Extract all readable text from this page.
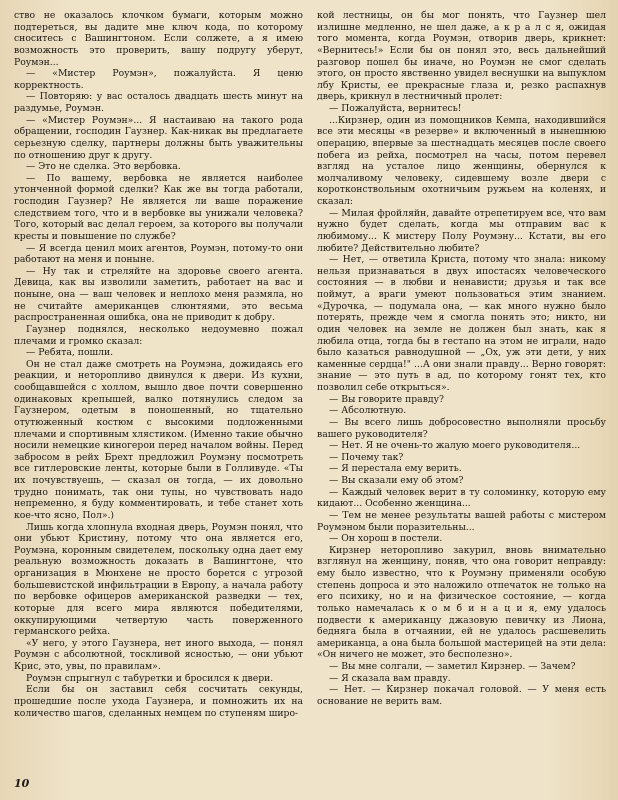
ство не оказалось клочком бумаги, которым можно подтереться, вы дадите мне ключ кода, по которому сноситесь с Вашингтоном. Если солжете, а я имею возможность это проверить, вашу подругу уберут, Роумэн...

— «Мистер Роумэн», пожалуйста. Я ценю корректность.

— Повторяю: у вас осталось двадцать шесть минут на раздумье, Роумэн.

— «Мистер Роумэн»... Я настаиваю на такого рода обращении, господин Гаузнер. Как-никак вы предлагаете серьезную сделку, партнеры должны быть уважительны по отношению друг к другу.

— Это не сделка. Это вербовка.

— По вашему, вербовка не является наиболее утонченной формой сделки? Как же вы тогда работали, господин Гаузнер? Не является ли ваше поражение следствием того, что и в вербовке вы унижали человека? Того, который вас делал героем, за которого вы получали кресты и повышение по службе?

— Я всегда ценил моих агентов, Роумэн, потому-то они работают на меня и поныне.

— Ну так и стреляйте на здоровье своего агента. Девица, как вы изволили заметить, работает на вас и поныне, она — ваш человек и неплохо меня размяла, но не считайте американцев слюнтяями, это весьма распространенная ошибка, она не приводит к добру.

Гаузнер поднялся, несколько недоумевно пожал плечами и громко сказал:

— Ребята, пошли.

Он не стал даже смотреть на Роумэна, дожидаясь его реакции, и неторопливо двинулся к двери. Из кухни, сообщавшейся с холлом, вышло двое почти совершенно одинаковых крепышей, валко потянулись следом за Гаузнером, одетым в поношенный, но тщательно отутюженный костюм с высокими подложенными плечами и спортивным хлястиком. (Именно такие обычно носили немецкие киногерои перед началом войны. Перед забросом в рейх Брехт предложил Роумэну посмотреть все гитлеровские ленты, которые были в Голливуде. «Ты их почувствуешь, — сказал он тогда, — их довольно трудно понимать, так они тупы, но чувствовать надо непременно, я буду комментировать, и тебе станет хоть кое-что ясно, Пол».)

Лишь когда хлопнула входная дверь, Роумэн понял, что они убьют Кристину, потому что она является его, Роумэна, коронным свидетелем, поскольку одна дает ему реальную возможность доказать в Вашингтоне, что организация в Мюнхене не просто борется с угрозой большевистской инфильтрации в Европу, а начала работу по вербовке офицеров американской разведки — тех, которые для всего мира являются победителями, оккупирующими четвертую часть поверженного германского рейха.

«У него, у этого Гаузнера, нет иного выхода, — понял Роумэн с абсолютной, тоскливой ясностью, — они убьют Крис, это, увы, по правилам».

Роумэн спрыгнул с табуретки и бросился к двери.

Если бы он заставил себя сосчитать секунды, прошедшие после ухода Гаузнера, и помножить их на количество шагов, сделанных немцем по ступеням широ-

кой лестницы, он бы мог понять, что Гаузнер шел излишне медленно, не шел даже, а к р а л с я, ожидая того момента, когда Роумэн, отворив дверь, крикнет: «Вернитесь!» Если бы он понял это, весь дальнейший разговор пошел бы иначе, но Роумэн не смог сделать этого, он просто явственно увидел веснушки на выпуклом лбу Кристы, ее прекрасные глаза и, резко распахнув дверь, крикнул в лестничный пролет:

— Пожалуйста, вернитесь!

...Кирзнер, один из помощников Кемпа, находившийся все эти месяцы «в резерве» и включенный в нынешнюю операцию, впервые за шестнадцать месяцев после своего побега из рейха, посмотрел на часы, потом перевел взгляд на усталое лицо женщины, обернулся к молчаливому человеку, сидевшему возле двери с коротконствольным охотничьим ружьем на коленях, и сказал:

— Милая фройляйн, давайте отрепетируем все, что вам нужно будет сделать, когда мы отправим вас к любимому... К мистеру Полу Роумэну... Кстати, вы его любите? Действительно любите?

— Нет, — ответила Криста, потому что знала: никому нельзя признаваться в двух ипостасях человеческого состояния — в любви и ненависти; друзья и так все поймут, а враги умеют пользоваться этим знанием. «Дурочка, — подумала она, — как много нужно было потерять, прежде чем я смогла понять это; никто, ни один человек на земле не должен был знать, как я любила отца, тогда бы в гестапо на этом не играли, надо было казаться равнодушной — „Ох, уж эти дети, у них каменные сердца!" ...А они знали правду... Верно говорят: знание — это путь в ад, по которому гонят тех, кто позволил себе открыться».

— Вы говорите правду?

— Абсолютную.

— Вы всего лишь добросовестно выполняли просьбу вашего руководителя?

— Нет. Я не очень-то жалую моего руководителя...

— Почему так?

— Я перестала ему верить.

— Вы сказали ему об этом?

— Каждый человек верит в ту соломинку, которую ему кидают... Особенно женщина...

— Тем не менее результаты вашей работы с мистером Роумэном были поразительны...

— Он хорош в постели.

Кирзнер неторопливо закурил, вновь внимательно взглянул на женщину, поняв, что она говорит неправду: ему было известно, что к Роумэну применяли особую степень допроса и это наложило отпечаток не только на его психику, но и на физическое состояние, — когда только намечалась к о м б и н а ц и я, ему удалось подвести к американцу джазовую певичку из Лиона, бедняга была в отчаянии, ей не удалось расшевелить американца, а она была большой мастерицей на эти дела: «Он ничего не может, это бесполезно».

— Вы мне солгали, — заметил Кирзнер. — Зачем?

— Я сказала вам правду.

— Нет. — Кирзнер покачал головой. — У меня есть основание не верить вам.

10
